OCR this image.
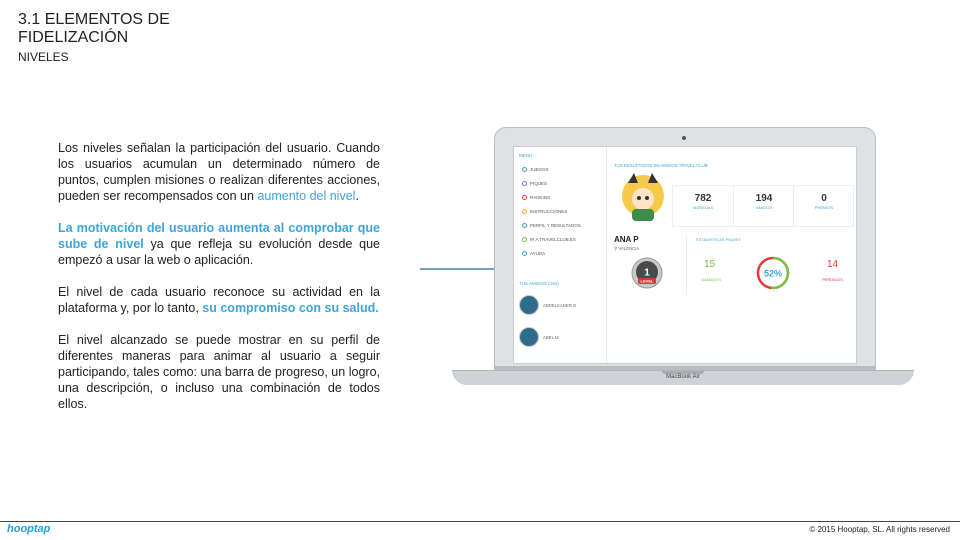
3.1 ELEMENTOS DE FIDELIZACIÓN
NIVELES

Los niveles señalan la participación del usuario. Cuando los usuarios acumulan un determinado número de puntos, cumplen misiones o realizan diferentes acciones, pueden ser recompensados con un aumento del nivel.

La motivación del usuario aumenta al comprobar que sube de nivel ya que refleja su evolución desde que empezó a usar la web o aplicación.

El nivel de cada usuario reconoce su actividad en la plataforma y, por lo tanto, su compromiso con su salud.

El nivel alcanzado se puede mostrar en su perfil de diferentes maneras para animar al usuario a seguir participando, tales como: una barra de progreso, un logro, una descripción, o incluso una combinación de todos ellos.

MENÚ
JUEGOS
PIQUES
RANKING
INSTRUCCIONES
PERFIL Y RESULTADOS
IR A TRAVELCLUB.ES
AYUDA
TUS AMIGOS (194)
ABDELKADER D
ABEL M
TUS RESULTADOS EN AMIGOS TRAVEL CLUB
782
MONEDAS
194
AMIGOS
0
PREMIOS
ANA P
⚲ VALENCIA
ESTADÍSTICAS PIQUES
1
LEVEL
15
GANADOS
52%
14
PERDIDOS
MacBook Air
hooptap	© 2015 Hooptap, SL. All rights reserved
